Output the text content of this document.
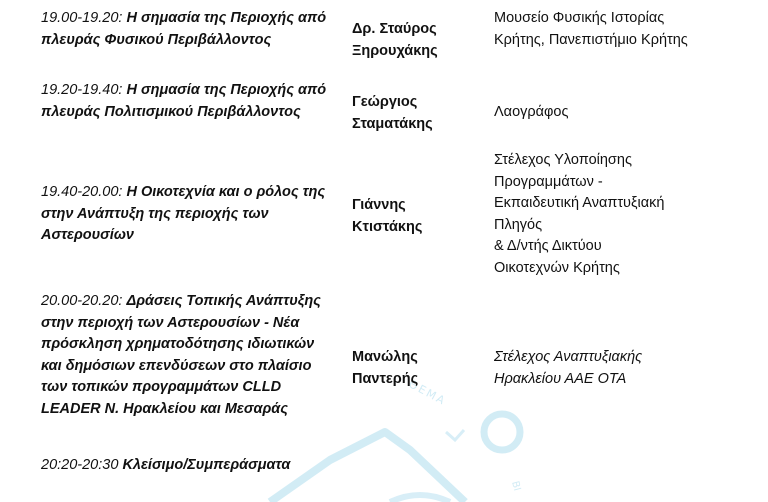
ΘΕΜΑ
ΒΙ
19.00-19.20: Η σημασία της Περιοχής από πλευράς Φυσικού Περιβάλλοντος
Δρ. Σταύρος Ξηρουχάκης
Μουσείο Φυσικής Ιστορίας Κρήτης, Πανεπιστήμιο Κρήτης
19.20-19.40: Η σημασία της Περιοχής από πλευράς Πολιτισμικού Περιβάλλοντος
Γεώργιος Σταματάκης
Λαογράφος
19.40-20.00: Η Οικοτεχνία και ο ρόλος της στην Ανάπτυξη της περιοχής των Αστερουσίων
Γιάννης Κτιστάκης
Στέλεχος Υλοποίησης
Προγραμμάτων -
Εκπαιδευτική Αναπτυξιακή
Πληγός
& Δ/ντής Δικτύου
Οικοτεχνών Κρήτης
20.00-20.20: Δράσεις Τοπικής Ανάπτυξης στην περιοχή των Αστερουσίων - Νέα πρόσκληση χρηματοδότησης ιδιωτικών και δημόσιων επενδύσεων στο πλαίσιο των τοπικών προγραμμάτων CLLD LEADER Ν. Ηρακλείου και Μεσαράς
Μανώλης Παντερής
Στέλεχος Αναπτυξιακής Ηρακλείου ΑΑΕ ΟΤΑ
20:20-20:30 Κλείσιμο/Συμπεράσματα
